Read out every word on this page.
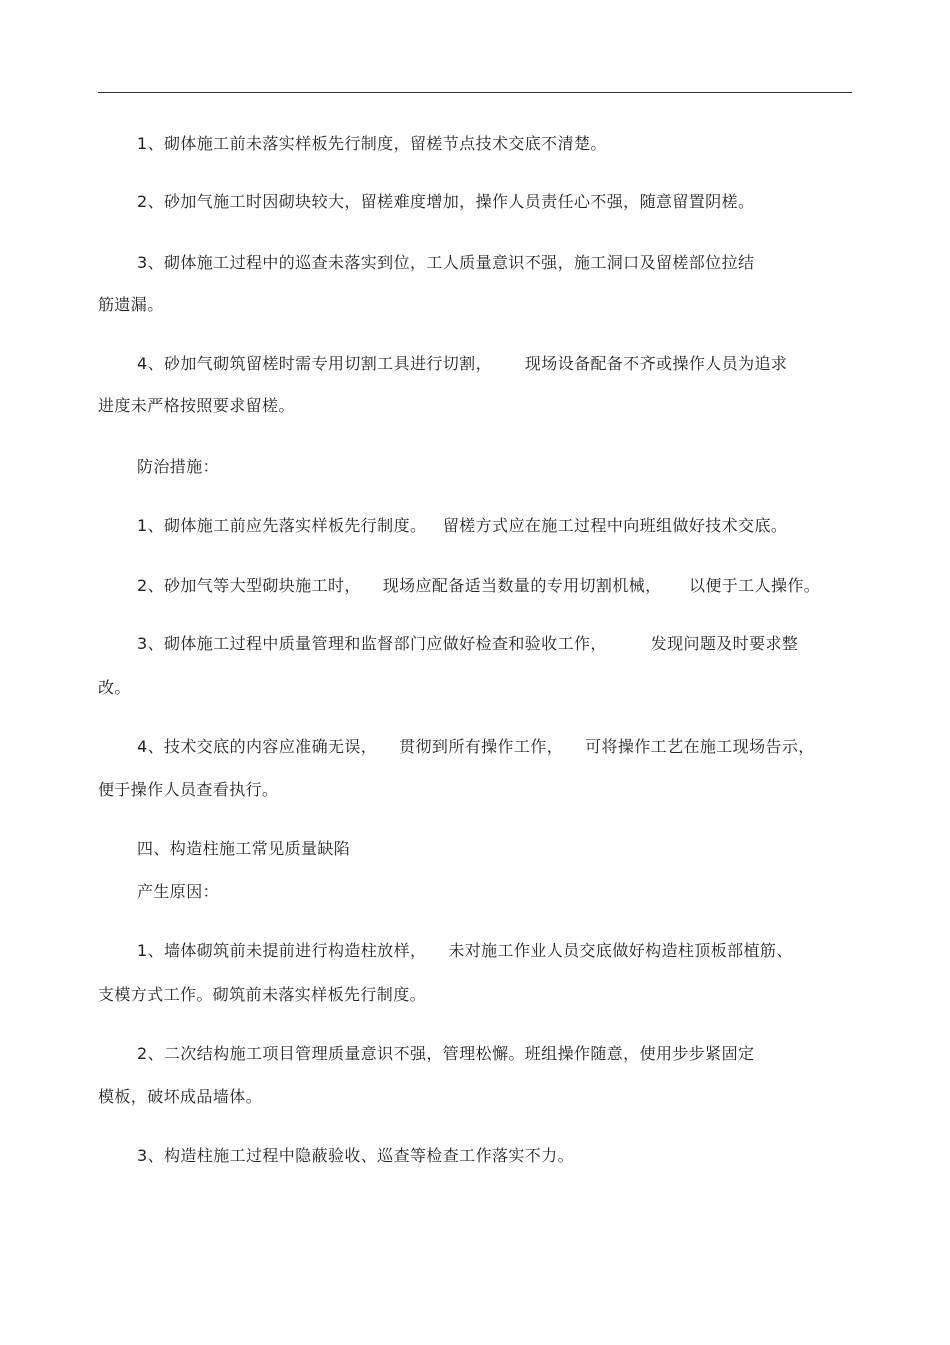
1、砌体施工前未落实样板先行制度，留槎节点技术交底不清楚。
2、砂加气施工时因砌块较大，留槎难度增加，操作人员责任心不强，随意留置阴槎。
3、砌体施工过程中的巡查未落实到位，工人质量意识不强，施工洞口及留槎部位拉结
筋遗漏。
4、砂加气砌筑留槎时需专用切割工具进行切割，      现场设备配备不齐或操作人员为追求
进度未严格按照要求留槎。
防治措施：
1、砌体施工前应先落实样板先行制度。   留槎方式应在施工过程中向班组做好技术交底。
2、砂加气等大型砌块施工时，    现场应配备适当数量的专用切割机械，     以便于工人操作。
3、砌体施工过程中质量管理和监督部门应做好检查和验收工作，        发现问题及时要求整
改。
4、技术交底的内容应准确无误，    贯彻到所有操作工作，    可将操作工艺在施工现场告示，
便于操作人员查看执行。
四、构造柱施工常见质量缺陷
产生原因：
1、墙体砌筑前未提前进行构造柱放样，    未对施工作业人员交底做好构造柱顶板部植筋、
支模方式工作。砌筑前未落实样板先行制度。
2、二次结构施工项目管理质量意识不强，管理松懈。班组操作随意，使用步步紧固定
模板，破坏成品墙体。
3、构造柱施工过程中隐蔽验收、巡查等检查工作落实不力。
